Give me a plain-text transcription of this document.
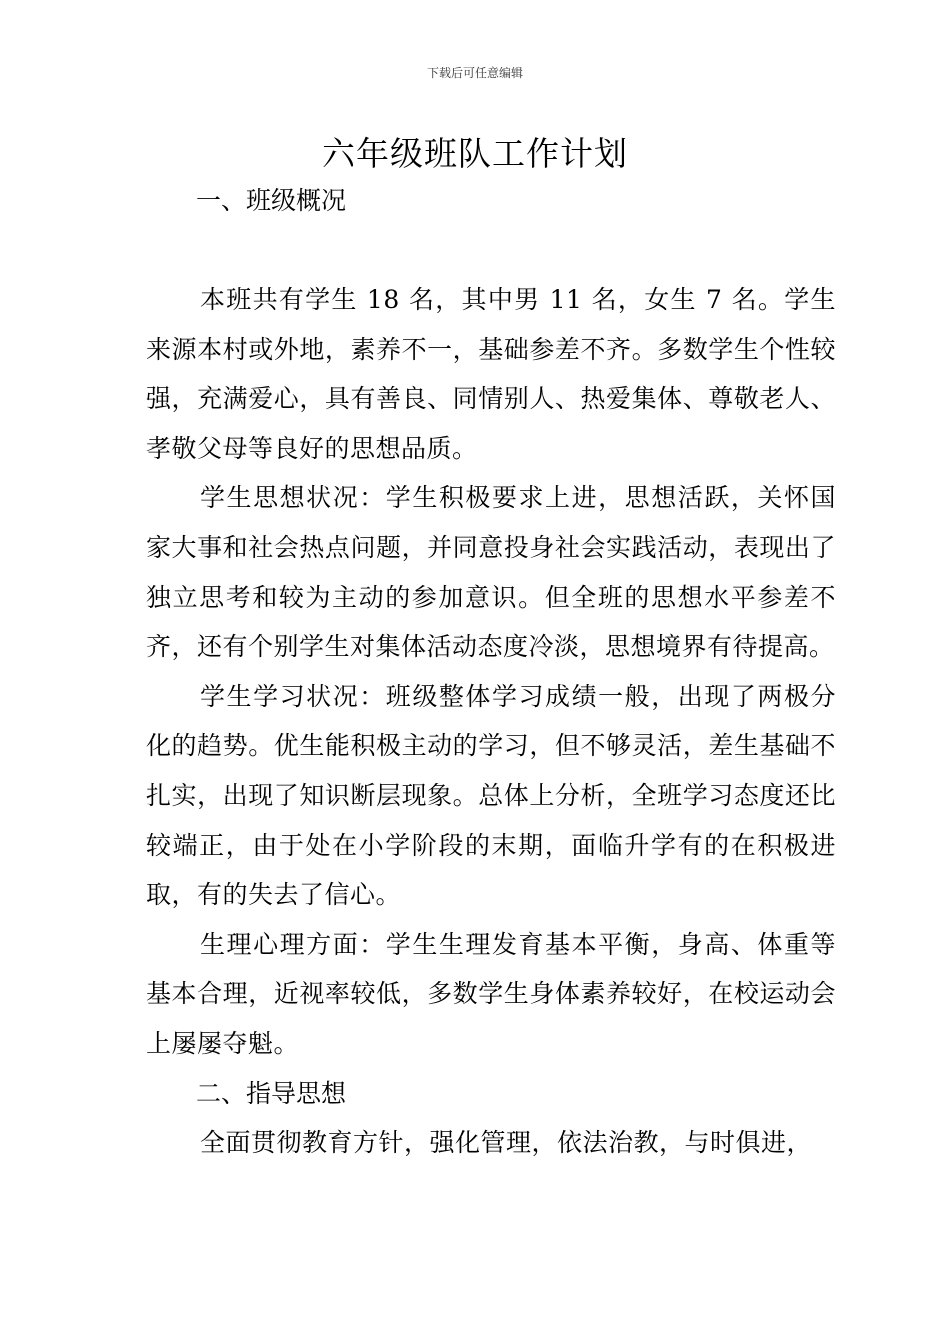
下载后可任意编辑
六年级班队工作计划

一、班级概况

本班共有学生 18 名，其中男 11 名，女生 7 名。学生来源本村或外地，素养不一，基础参差不齐。多数学生个性较强，充满爱心，具有善良、同情别人、热爱集体、尊敬老人、孝敬父母等良好的思想品质。

学生思想状况：学生积极要求上进，思想活跃，关怀国家大事和社会热点问题，并同意投身社会实践活动，表现出了独立思考和较为主动的参加意识。但全班的思想水平参差不齐，还有个别学生对集体活动态度冷淡，思想境界有待提高。

学生学习状况：班级整体学习成绩一般，出现了两极分化的趋势。优生能积极主动的学习，但不够灵活，差生基础不扎实，出现了知识断层现象。总体上分析，全班学习态度还比较端正，由于处在小学阶段的末期，面临升学有的在积极进取，有的失去了信心。

生理心理方面：学生生理发育基本平衡，身高、体重等基本合理，近视率较低，多数学生身体素养较好，在校运动会上屡屡夺魁。

二、指导思想

全面贯彻教育方针，强化管理，依法治教，与时俱进，
